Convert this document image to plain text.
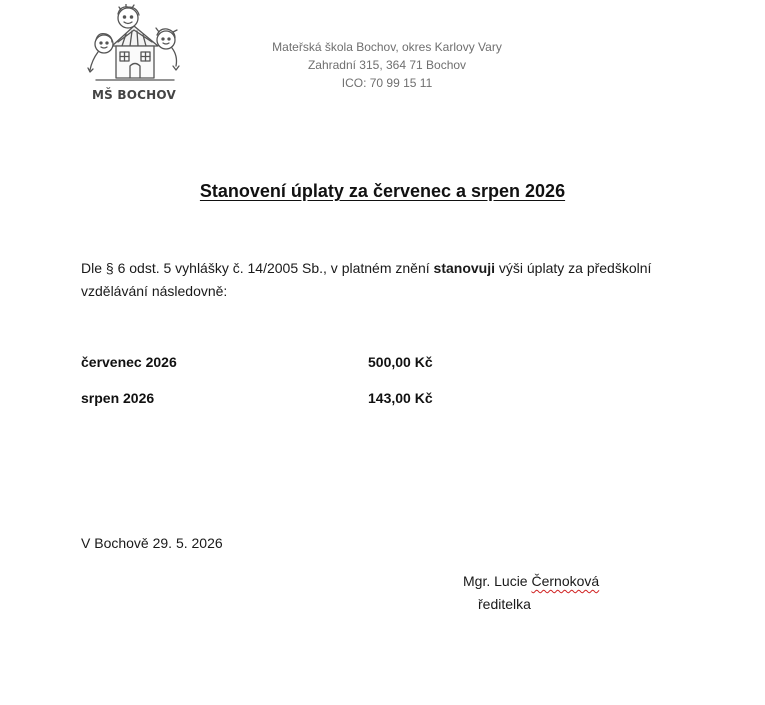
MŠ BOCHOV
Mateřská škola Bochov, okres Karlovy Vary
Zahradní 315, 364 71 Bochov
ICO: 70 99 15 11
Stanovení úplaty za červenec a srpen 2026
Dle § 6 odst. 5 vyhlášky č. 14/2005 Sb., v platném znění stanovuji výši úplaty za předškolní vzdělávání následovně:
červenec 2026	500,00 Kč
srpen 2026	143,00 Kč
V Bochově 29. 5. 2026
Mgr. Lucie Černoková
ředitelka
